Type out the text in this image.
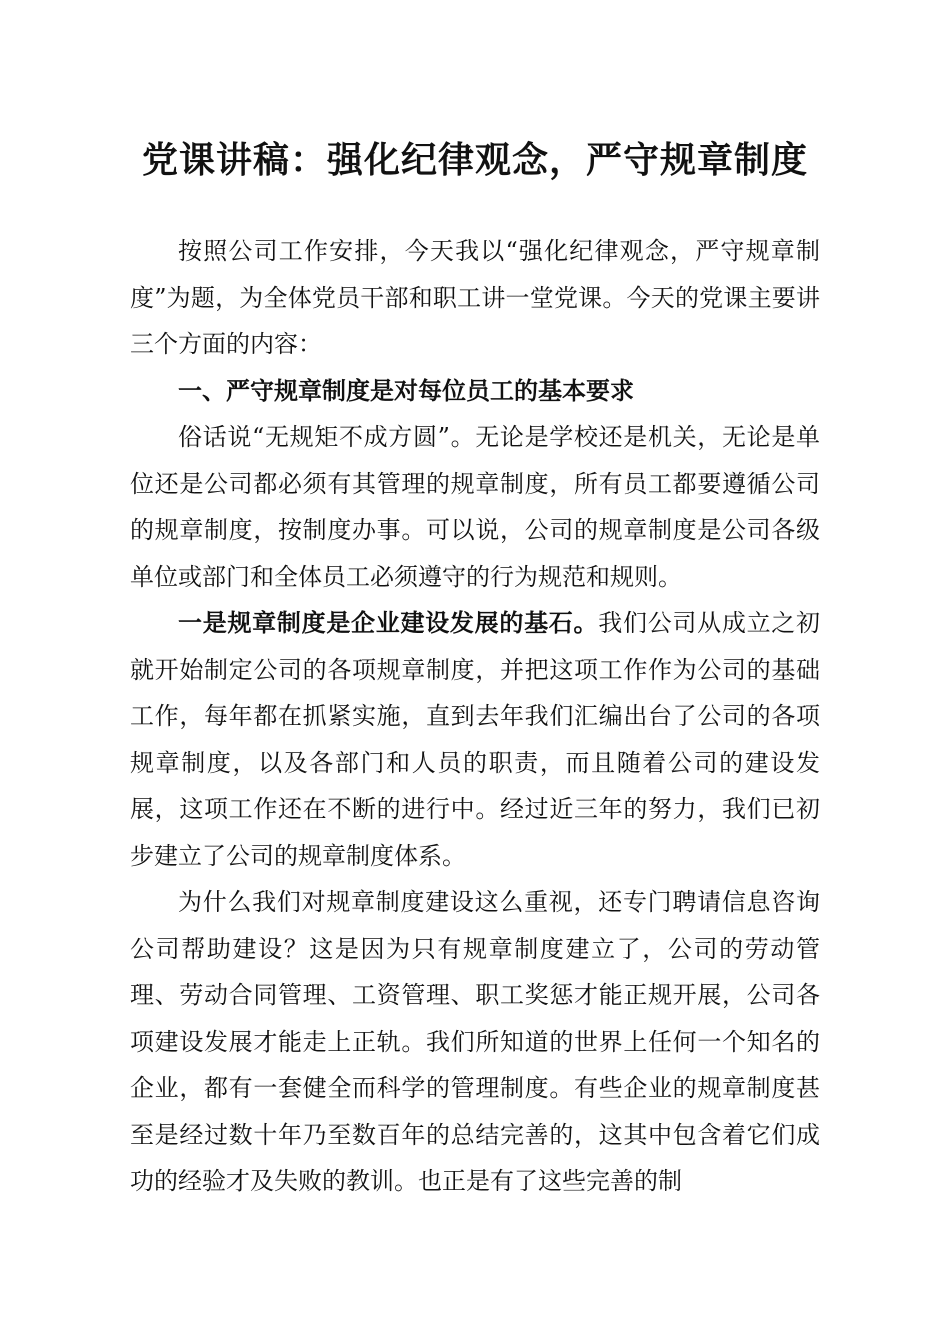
党课讲稿：强化纪律观念，严守规章制度

按照公司工作安排，今天我以“强化纪律观念，严守规章制度”为题，为全体党员干部和职工讲一堂党课。今天的党课主要讲三个方面的内容：

一、严守规章制度是对每位员工的基本要求

俗话说“无规矩不成方圆”。无论是学校还是机关，无论是单位还是公司都必须有其管理的规章制度，所有员工都要遵循公司的规章制度，按制度办事。可以说，公司的规章制度是公司各级单位或部门和全体员工必须遵守的行为规范和规则。

一是规章制度是企业建设发展的基石。我们公司从成立之初就开始制定公司的各项规章制度，并把这项工作作为公司的基础工作，每年都在抓紧实施，直到去年我们汇编出台了公司的各项规章制度，以及各部门和人员的职责，而且随着公司的建设发展，这项工作还在不断的进行中。经过近三年的努力，我们已初步建立了公司的规章制度体系。

为什么我们对规章制度建设这么重视，还专门聘请信息咨询公司帮助建设？这是因为只有规章制度建立了，公司的劳动管理、劳动合同管理、工资管理、职工奖惩才能正规开展，公司各项建设发展才能走上正轨。我们所知道的世界上任何一个知名的企业，都有一套健全而科学的管理制度。有些企业的规章制度甚至是经过数十年乃至数百年的总结完善的，这其中包含着它们成功的经验才及失败的教训。也正是有了这些完善的制
